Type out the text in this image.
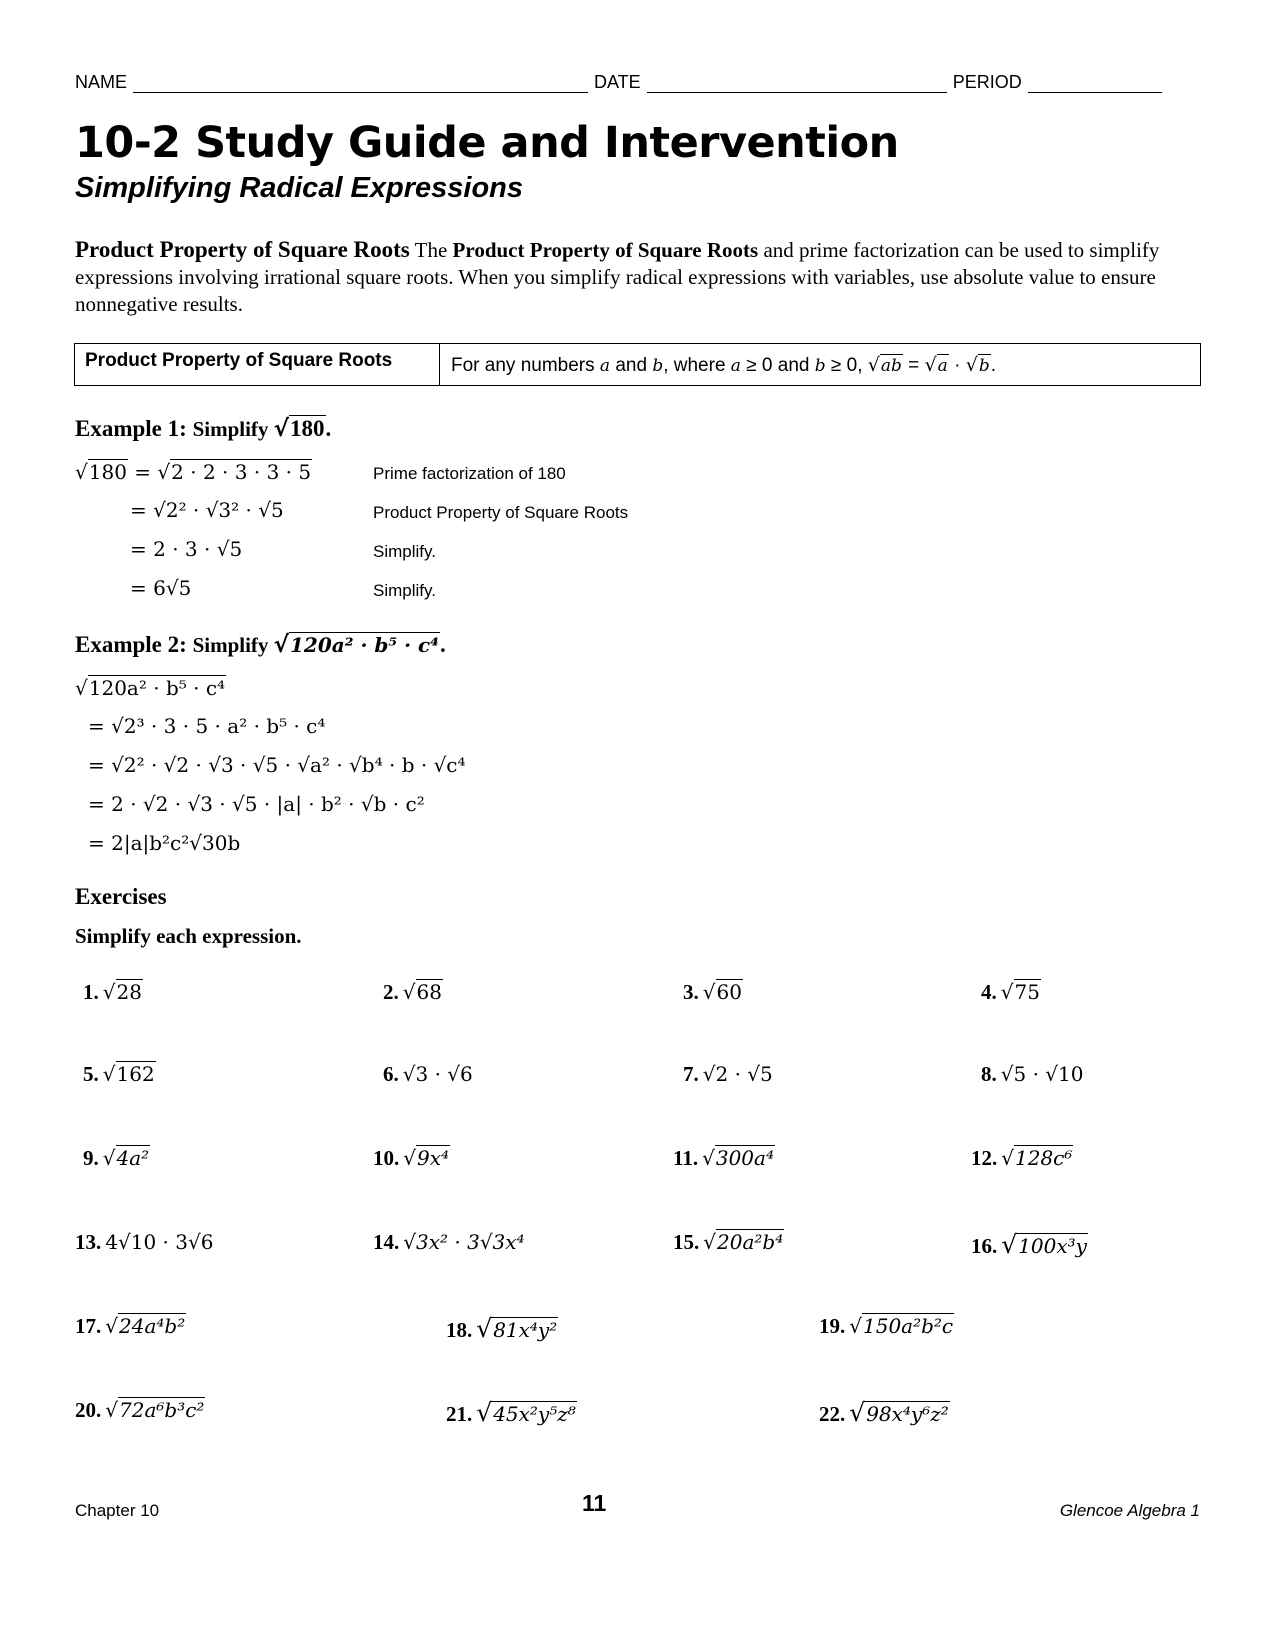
NAME	DATE	PERIOD
10-2 Study Guide and Intervention
Simplifying Radical Expressions
Product Property of Square Roots The Product Property of Square Roots and prime factorization can be used to simplify expressions involving irrational square roots. When you simplify radical expressions with variables, use absolute value to ensure nonnegative results.
Product Property of Square Roots	For any numbers a and b, where a ≥ 0 and b ≥ 0, √ab = √a · √b.
Example 1: Simplify √180.
√180 = √2 · 2 · 3 · 3 · 5	Prime factorization of 180
= √2² · √3² · √5	Product Property of Square Roots
= 2 · 3 · √5	Simplify.
= 6√5	Simplify.
Example 2: Simplify √120a² · b⁵ · c⁴.
√120a² · b⁵ · c⁴
= √2³ · 3 · 5 · a² · b⁵ · c⁴
= √2² · √2 · √3 · √5 · √a² · √b⁴ · b · √c⁴
= 2 · √2 · √3 · √5 · |a| · b² · √b · c²
= 2|a|b²c²√30b
Exercises
Simplify each expression.
1. √28	2. √68	3. √60	4. √75
5. √162	6. √3 · √6	7. √2 · √5	8. √5 · √10
9. √4a²	10. √9x⁴	11. √300a⁴	12. √128c⁶
13. 4√10 · 3√6	14. √3x² · 3√3x⁴	15. √20a²b⁴	16. √100x³y
17. √24a⁴b²	18. √81x⁴y²	19. √150a²b²c
20. √72a⁶b³c²	21. √45x²y⁵z⁸	22. √98x⁴y⁶z²
Chapter 10	11	Glencoe Algebra 1
